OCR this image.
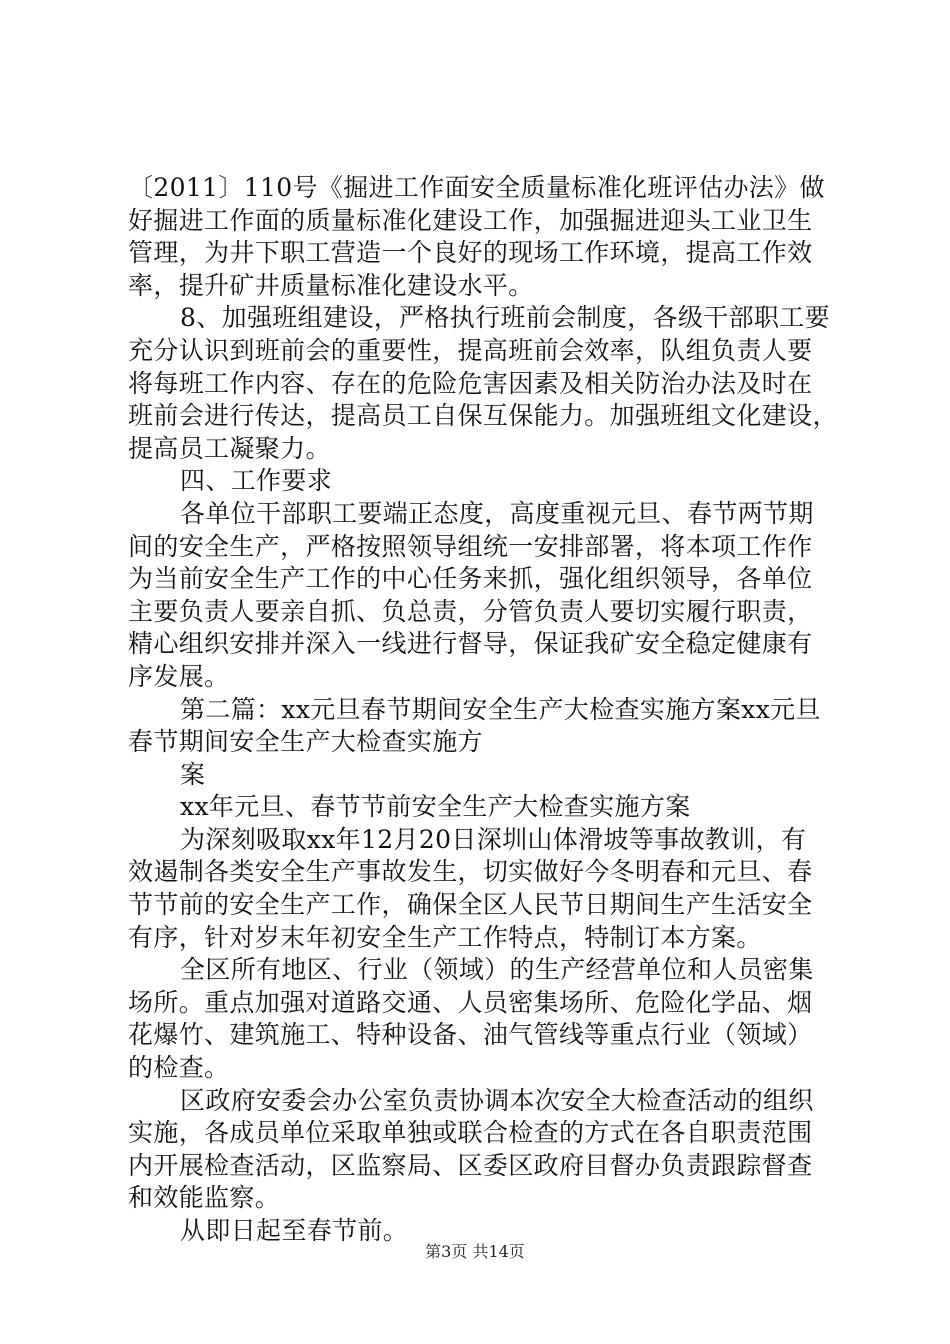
〔2011〕110号《掘进工作面安全质量标准化班评估办法》做
好掘进工作面的质量标准化建设工作，加强掘进迎头工业卫生
管理，为井下职工营造一个良好的现场工作环境，提高工作效
率，提升矿井质量标准化建设水平。
8、加强班组建设，严格执行班前会制度，各级干部职工要
充分认识到班前会的重要性，提高班前会效率，队组负责人要
将每班工作内容、存在的危险危害因素及相关防治办法及时在
班前会进行传达，提高员工自保互保能力。加强班组文化建设，
提高员工凝聚力。
四、工作要求
各单位干部职工要端正态度，高度重视元旦、春节两节期
间的安全生产，严格按照领导组统一安排部署，将本项工作作
为当前安全生产工作的中心任务来抓，强化组织领导，各单位
主要负责人要亲自抓、负总责，分管负责人要切实履行职责，
精心组织安排并深入一线进行督导，保证我矿安全稳定健康有
序发展。
第二篇：xx元旦春节期间安全生产大检查实施方案xx元旦
春节期间安全生产大检查实施方
案
xx年元旦、春节节前安全生产大检查实施方案
为深刻吸取xx年12月20日深圳山体滑坡等事故教训，有
效遏制各类安全生产事故发生，切实做好今冬明春和元旦、春
节节前的安全生产工作，确保全区人民节日期间生产生活安全
有序，针对岁末年初安全生产工作特点，特制订本方案。
全区所有地区、行业（领域）的生产经营单位和人员密集
场所。重点加强对道路交通、人员密集场所、危险化学品、烟
花爆竹、建筑施工、特种设备、油气管线等重点行业（领域）
的检查。
区政府安委会办公室负责协调本次安全大检查活动的组织
实施，各成员单位采取单独或联合检查的方式在各自职责范围
内开展检查活动，区监察局、区委区政府目督办负责跟踪督查
和效能监察。
从即日起至春节前。
第3页 共14页
